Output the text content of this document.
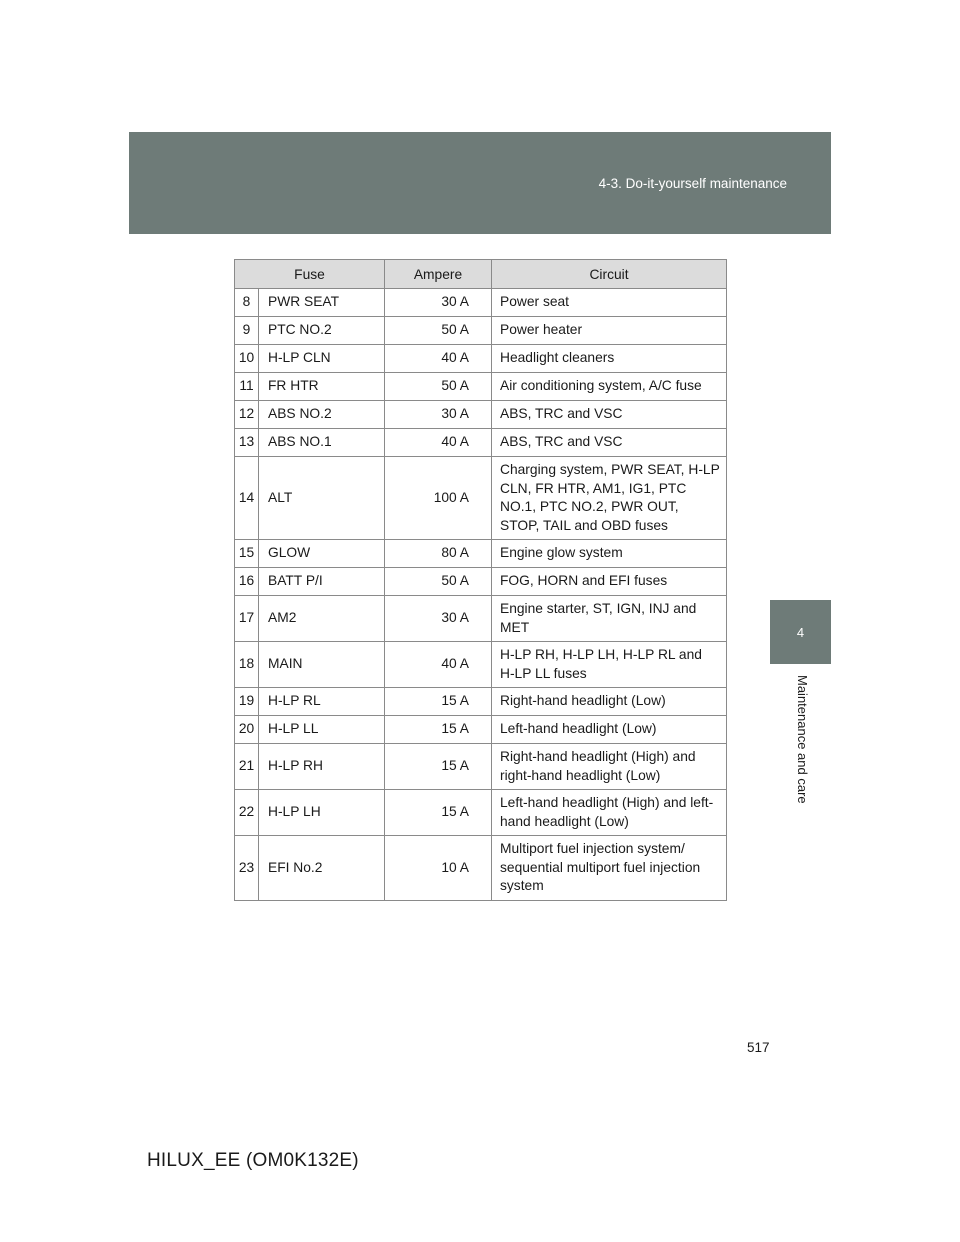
4-3. Do-it-yourself maintenance
4
Maintenance and care
Fuse		Ampere	Circuit
8	PWR SEAT	30 A	Power seat
9	PTC NO.2	50 A	Power heater
10	H-LP CLN	40 A	Headlight cleaners
11	FR HTR	50 A	Air conditioning system, A/C fuse
12	ABS NO.2	30 A	ABS, TRC and VSC
13	ABS NO.1	40 A	ABS, TRC and VSC
14	ALT	100 A	Charging system, PWR SEAT, H-LP CLN, FR HTR, AM1, IG1, PTC NO.1, PTC NO.2, PWR OUT, STOP, TAIL and OBD fuses
15	GLOW	80 A	Engine glow system
16	BATT P/I	50 A	FOG, HORN and EFI fuses
17	AM2	30 A	Engine starter, ST, IGN, INJ and MET
18	MAIN	40 A	H-LP RH, H-LP LH, H-LP RL and H-LP LL fuses
19	H-LP RL	15 A	Right-hand headlight (Low)
20	H-LP LL	15 A	Left-hand headlight (Low)
21	H-LP RH	15 A	Right-hand headlight (High) and right-hand headlight (Low)
22	H-LP LH	15 A	Left-hand headlight (High) and left-hand headlight (Low)
23	EFI No.2	10 A	Multiport fuel injection system/ sequential multiport fuel injection system
517
HILUX_EE (OM0K132E)
